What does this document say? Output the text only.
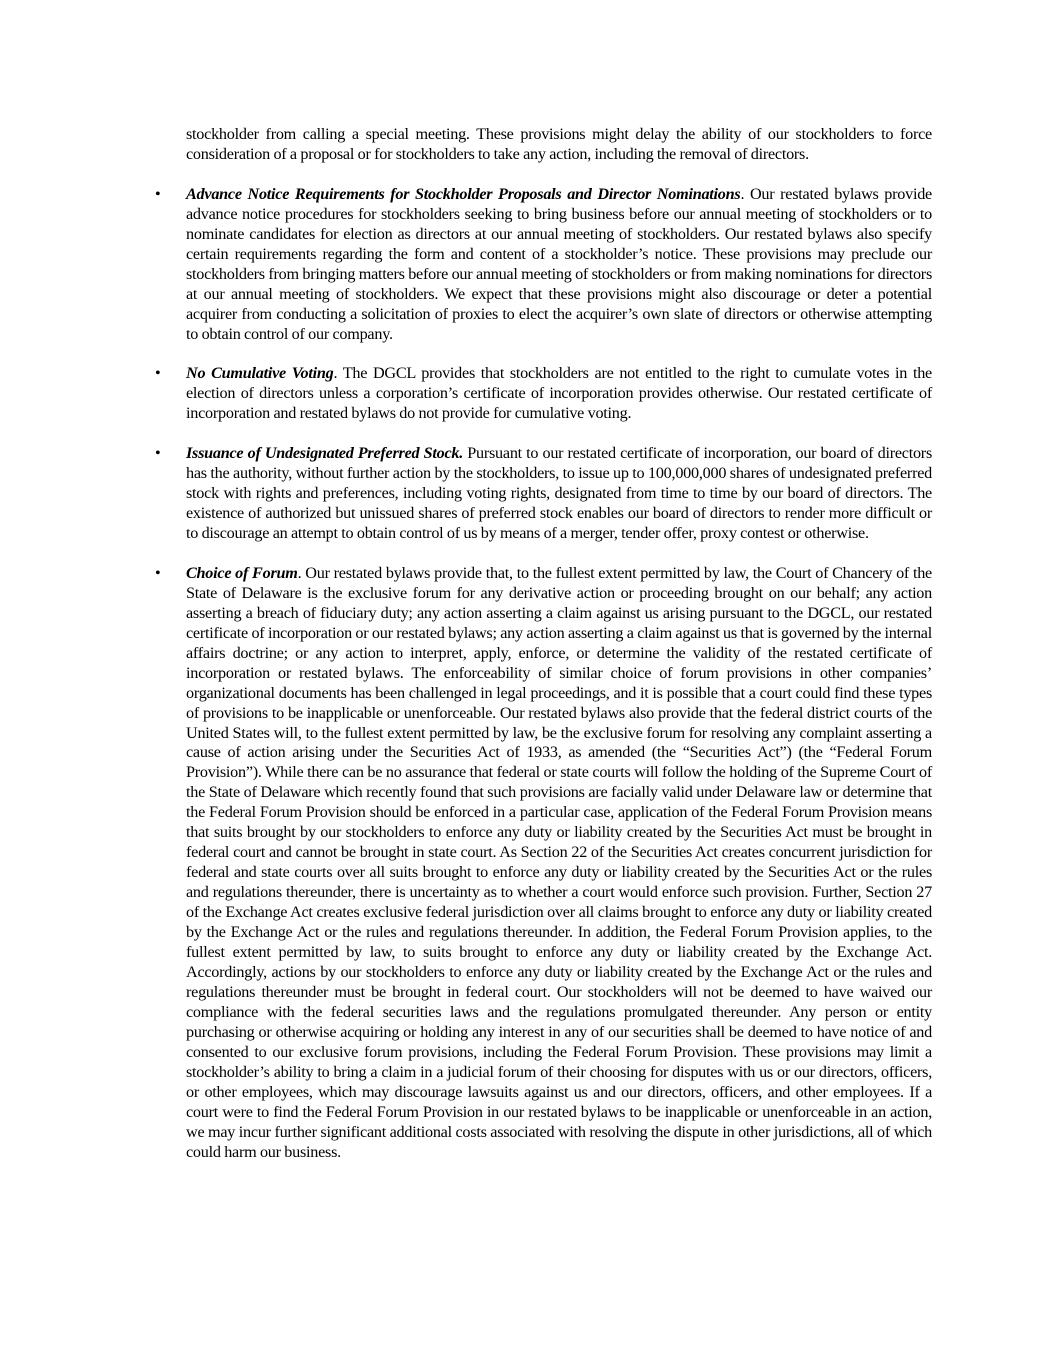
stockholder from calling a special meeting. These provisions might delay the ability of our stockholders to force consideration of a proposal or for stockholders to take any action, including the removal of directors.

•	Advance Notice Requirements for Stockholder Proposals and Director Nominations. Our restated bylaws provide advance notice procedures for stockholders seeking to bring business before our annual meeting of stockholders or to nominate candidates for election as directors at our annual meeting of stockholders. Our restated bylaws also specify certain requirements regarding the form and content of a stockholder’s notice. These provisions may preclude our stockholders from bringing matters before our annual meeting of stockholders or from making nominations for directors at our annual meeting of stockholders. We expect that these provisions might also discourage or deter a potential acquirer from conducting a solicitation of proxies to elect the acquirer’s own slate of directors or otherwise attempting to obtain control of our company.

•	No Cumulative Voting. The DGCL provides that stockholders are not entitled to the right to cumulate votes in the election of directors unless a corporation’s certificate of incorporation provides otherwise. Our restated certificate of incorporation and restated bylaws do not provide for cumulative voting.

•	Issuance of Undesignated Preferred Stock. Pursuant to our restated certificate of incorporation, our board of directors has the authority, without further action by the stockholders, to issue up to 100,000,000 shares of undesignated preferred stock with rights and preferences, including voting rights, designated from time to time by our board of directors. The existence of authorized but unissued shares of preferred stock enables our board of directors to render more difficult or to discourage an attempt to obtain control of us by means of a merger, tender offer, proxy contest or otherwise.

•	Choice of Forum. Our restated bylaws provide that, to the fullest extent permitted by law, the Court of Chancery of the State of Delaware is the exclusive forum for any derivative action or proceeding brought on our behalf; any action asserting a breach of fiduciary duty; any action asserting a claim against us arising pursuant to the DGCL, our restated certificate of incorporation or our restated bylaws; any action asserting a claim against us that is governed by the internal affairs doctrine; or any action to interpret, apply, enforce, or determine the validity of the restated certificate of incorporation or restated bylaws. The enforceability of similar choice of forum provisions in other companies’ organizational documents has been challenged in legal proceedings, and it is possible that a court could find these types of provisions to be inapplicable or unenforceable. Our restated bylaws also provide that the federal district courts of the United States will, to the fullest extent permitted by law, be the exclusive forum for resolving any complaint asserting a cause of action arising under the Securities Act of 1933, as amended (the “Securities Act”) (the “Federal Forum Provision”). While there can be no assurance that federal or state courts will follow the holding of the Supreme Court of the State of Delaware which recently found that such provisions are facially valid under Delaware law or determine that the Federal Forum Provision should be enforced in a particular case, application of the Federal Forum Provision means that suits brought by our stockholders to enforce any duty or liability created by the Securities Act must be brought in federal court and cannot be brought in state court. As Section 22 of the Securities Act creates concurrent jurisdiction for federal and state courts over all suits brought to enforce any duty or liability created by the Securities Act or the rules and regulations thereunder, there is uncertainty as to whether a court would enforce such provision. Further, Section 27 of the Exchange Act creates exclusive federal jurisdiction over all claims brought to enforce any duty or liability created by the Exchange Act or the rules and regulations thereunder. In addition, the Federal Forum Provision applies, to the fullest extent permitted by law, to suits brought to enforce any duty or liability created by the Exchange Act. Accordingly, actions by our stockholders to enforce any duty or liability created by the Exchange Act or the rules and regulations thereunder must be brought in federal court. Our stockholders will not be deemed to have waived our compliance with the federal securities laws and the regulations promulgated thereunder. Any person or entity purchasing or otherwise acquiring or holding any interest in any of our securities shall be deemed to have notice of and consented to our exclusive forum provisions, including the Federal Forum Provision. These provisions may limit a stockholder’s ability to bring a claim in a judicial forum of their choosing for disputes with us or our directors, officers, or other employees, which may discourage lawsuits against us and our directors, officers, and other employees. If a court were to find the Federal Forum Provision in our restated bylaws to be inapplicable or unenforceable in an action, we may incur further significant additional costs associated with resolving the dispute in other jurisdictions, all of which could harm our business.
